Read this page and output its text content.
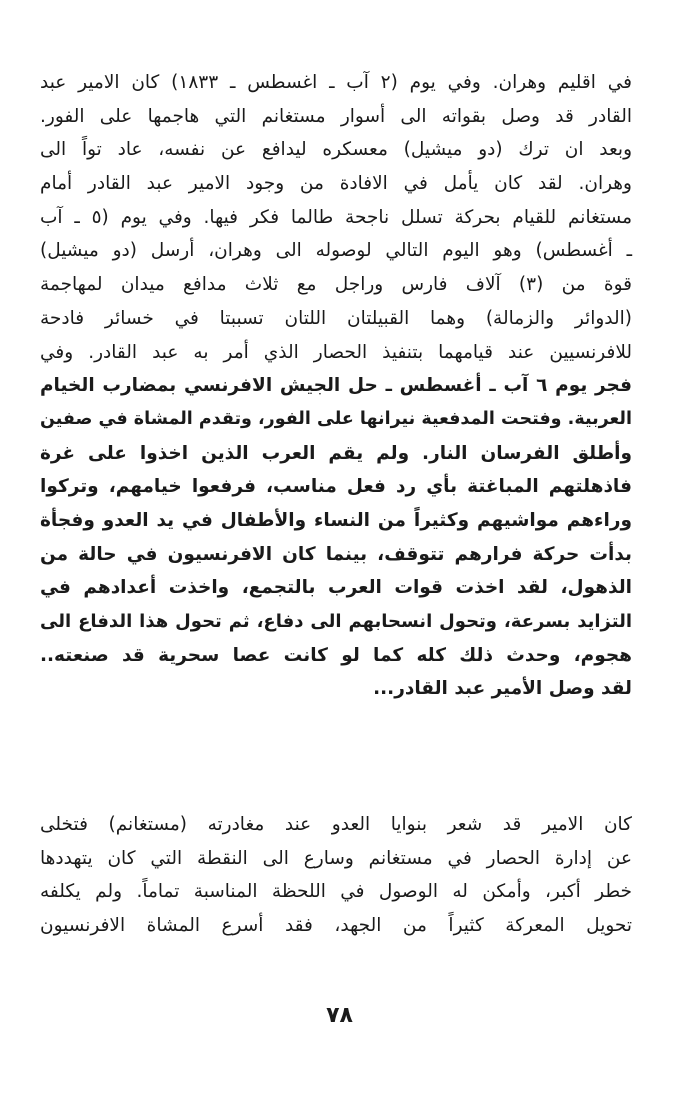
في اقليم وهران. وفي يوم (٢ آب ـ اغسطس ـ ١٨٣٣) كان الامير عبد
القادر قد وصل بقواته الى أسوار مستغانم التي هاجمها على الفور.
وبعد ان ترك (دو ميشيل) معسكره ليدافع عن نفسه، عاد تواً الى
وهران. لقد كان يأمل في الافادة من وجود الامير عبد القادر أمام
مستغانم للقيام بحركة تسلل ناجحة طالما فكر فيها. وفي يوم (٥ ـ آب
ـ أغسطس) وهو اليوم التالي لوصوله الى وهران، أرسل (دو ميشيل)
قوة من (٣) آلاف فارس وراجل مع ثلاث مدافع ميدان لمهاجمة
(الدوائر والزمالة) وهما القبيلتان اللتان تسببتا في خسائر فادحة
للافرنسيين عند قيامهما بتنفيذ الحصار الذي أمر به عبد القادر. وفي
فجر يوم ٦ آب ـ أغسطس ـ حل الجيش الافرنسي بمضارب الخيام
العربية. وفتحت المدفعية نيرانها على الفور، وتقدم المشاة في صفين
وأطلق الفرسان النار. ولم يقم العرب الذين اخذوا على غرة
فاذهلتهم المباغتة بأي رد فعل مناسب، فرفعوا خيامهم، وتركوا
وراءهم مواشيهم وكثيراً من النساء والأطفال في يد العدو وفجأة
بدأت حركة فرارهم تتوقف، بينما كان الافرنسيون في حالة من
الذهول، لقد اخذت قوات العرب بالتجمع، واخذت أعدادهم في
التزايد بسرعة، وتحول انسحابهم الى دفاع، ثم تحول هذا الدفاع الى
هجوم، وحدث ذلك كله كما لو كانت عصا سحرية قد صنعته..
لقد وصل الأمير عبد القادر...
كان الامير قد شعر بنوايا العدو عند مغادرته (مستغانم) فتخلى
عن إدارة الحصار في مستغانم وسارع الى النقطة التي كان يتهددها
خطر أكبر، وأمكن له الوصول في اللحظة المناسبة تماماً. ولم يكلفه
تحويل المعركة كثيراً من الجهد، فقد أسرع المشاة الافرنسيون
٧٨
